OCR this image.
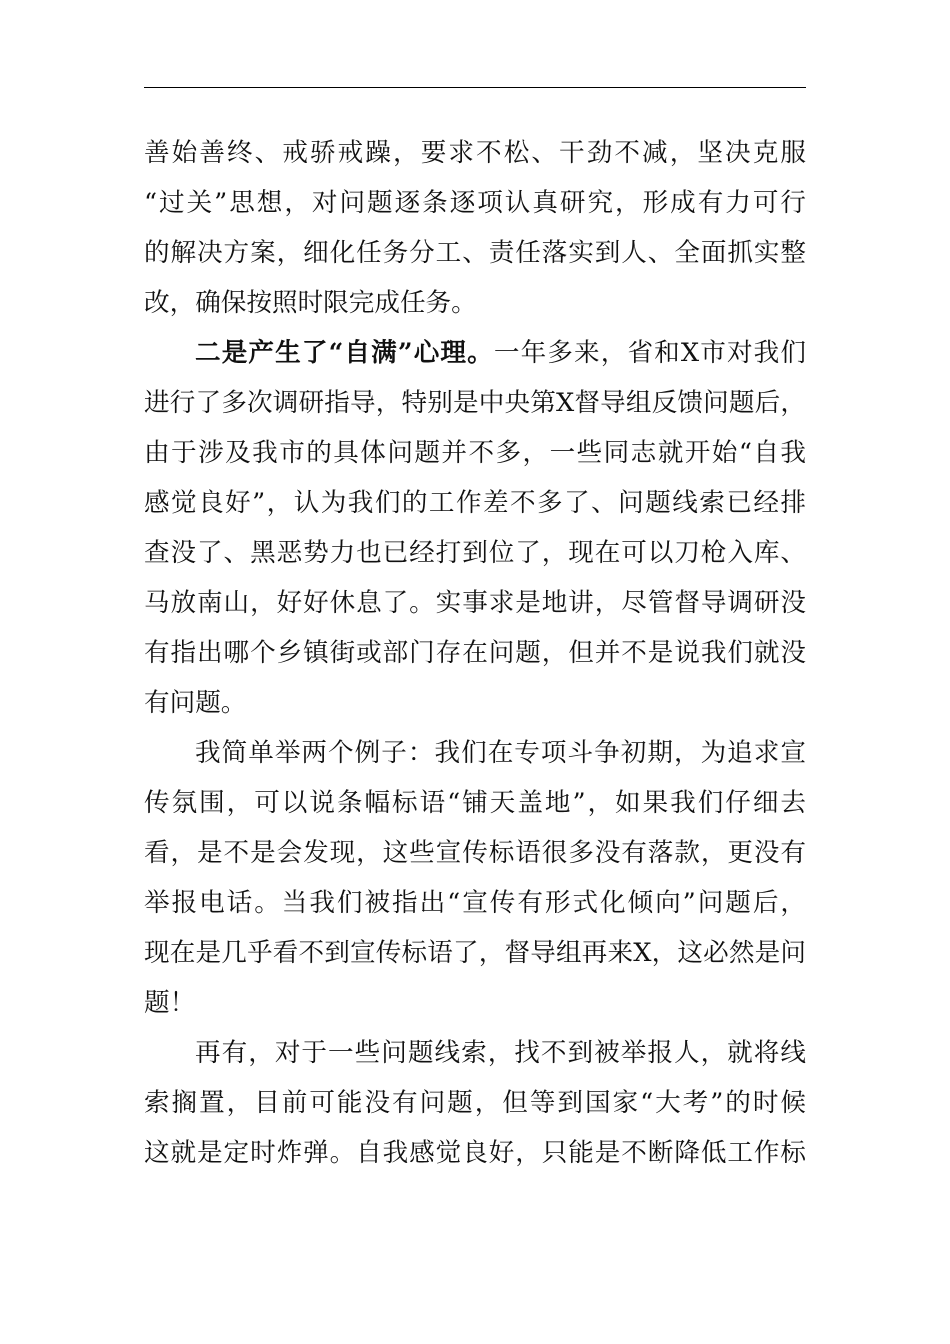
善始善终、戒骄戒躁，要求不松、干劲不减，坚决克服
“过关”思想，对问题逐条逐项认真研究，形成有力可行
的解决方案，细化任务分工、责任落实到人、全面抓实整
改，确保按照时限完成任务。
二是产生了“自满”心理。一年多来，省和X市对我们
进行了多次调研指导，特别是中央第X督导组反馈问题后，
由于涉及我市的具体问题并不多，一些同志就开始“自我
感觉良好”，认为我们的工作差不多了、问题线索已经排
查没了、黑恶势力也已经打到位了，现在可以刀枪入库、
马放南山，好好休息了。实事求是地讲，尽管督导调研没
有指出哪个乡镇街或部门存在问题，但并不是说我们就没
有问题。
我简单举两个例子：我们在专项斗争初期，为追求宣
传氛围，可以说条幅标语“铺天盖地”，如果我们仔细去
看，是不是会发现，这些宣传标语很多没有落款，更没有
举报电话。当我们被指出“宣传有形式化倾向”问题后，
现在是几乎看不到宣传标语了，督导组再来X，这必然是问
题！
再有，对于一些问题线索，找不到被举报人，就将线
索搁置，目前可能没有问题，但等到国家“大考”的时候
这就是定时炸弹。自我感觉良好，只能是不断降低工作标
